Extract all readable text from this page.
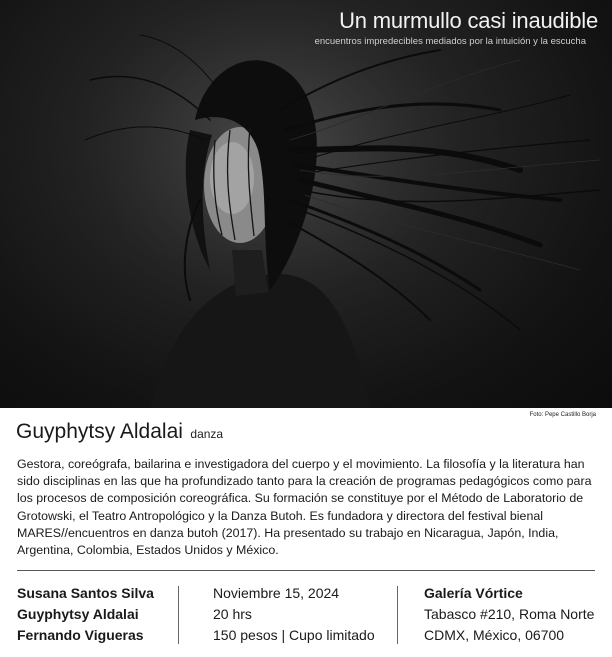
Un murmullo casi inaudible
encuentros impredecibles mediados por la intuición y la escucha
Foto: Pepe Castillo Borja
Guyphytsy Aldalai danza

Gestora, coreógrafa, bailarina e investigadora del cuerpo y el movimiento. La filosofía y la literatura han sido disciplinas en las que ha profundizado tanto para la creación de programas pedagógicos como para los procesos de composición coreográfica. Su formación se constituye por el Método de Laboratorio de Grotowski, el Teatro Antropológico y la Danza Butoh. Es fundadora y directora del festival bienal MARES//encuentros en danza butoh (2017). Ha presentado su trabajo en Nicaragua, Japón, India, Argentina, Colombia, Estados Unidos y México.

Susana Santos Silva
Guyphytsy Aldalai
Fernando Vigueras
Noviembre 15, 2024
20 hrs
150 pesos | Cupo limitado
Galería Vórtice
Tabasco #210, Roma Norte
CDMX, México, 06700
